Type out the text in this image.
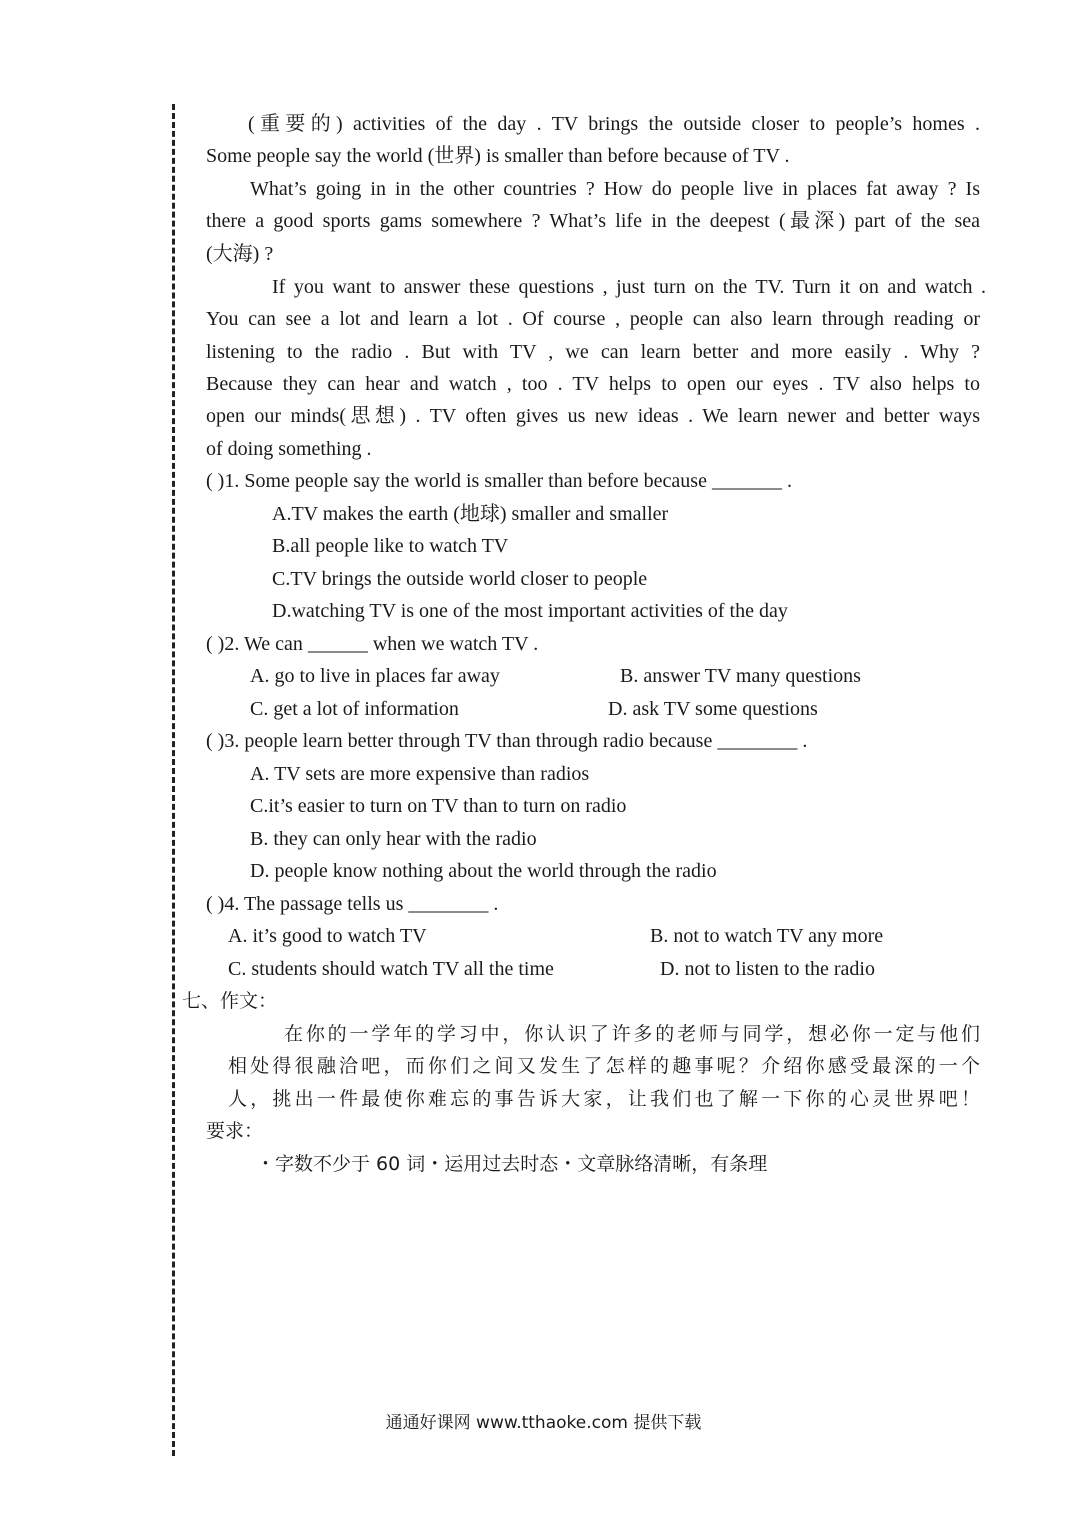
(重要的) activities of the day . TV brings the outside closer to people’s homes .
Some people say the world (世界) is smaller than before because of TV .
What’s going in in the other countries ? How do people live in places fat away ? Is
there a good sports gams somewhere ? What’s life in the deepest (最深) part of the sea
(大海) ?
If you want to answer these questions , just turn on the TV. Turn it on and watch .
You can see a lot and learn a lot . Of course , people can also learn through reading or
listening to the radio . But with TV , we can learn better and more easily . Why ?
Because they can hear and watch , too . TV helps to open our eyes . TV also helps to
open our minds(思想) . TV often gives us new ideas . We learn newer and better ways
of doing something .
( )1. Some people say the world is smaller than before because _______ .
A.TV makes the earth (地球) smaller and smaller
B.all people like to watch TV
C.TV brings the outside world closer to people
D.watching TV is one of the most important activities of the day
( )2. We can ______ when we watch TV .
A. go to live in places far away	B. answer TV many questions
C. get a lot of information	D. ask TV some questions
( )3. people learn better through TV than through radio because ________ .
A. TV sets are more expensive than radios
C.it’s easier to turn on TV than to turn on radio
B. they can only hear with the radio
D. people know nothing about the world through the radio
( )4. The passage tells us ________ .
A. it’s good to watch TV	B. not to watch TV any more
C. students should watch TV all the time	D. not to listen to the radio
七、作文：
在你的一学年的学习中，你认识了许多的老师与同学，想必你一定与他们
相处得很融洽吧，而你们之间又发生了怎样的趣事呢？介绍你感受最深的一个
人，挑出一件最使你难忘的事告诉大家，让我们也了解一下你的心灵世界吧！
要求：
・字数不少于 60 词・运用过去时态・文章脉络清晰，有条理
通通好课网 www.tthaoke.com 提供下载
